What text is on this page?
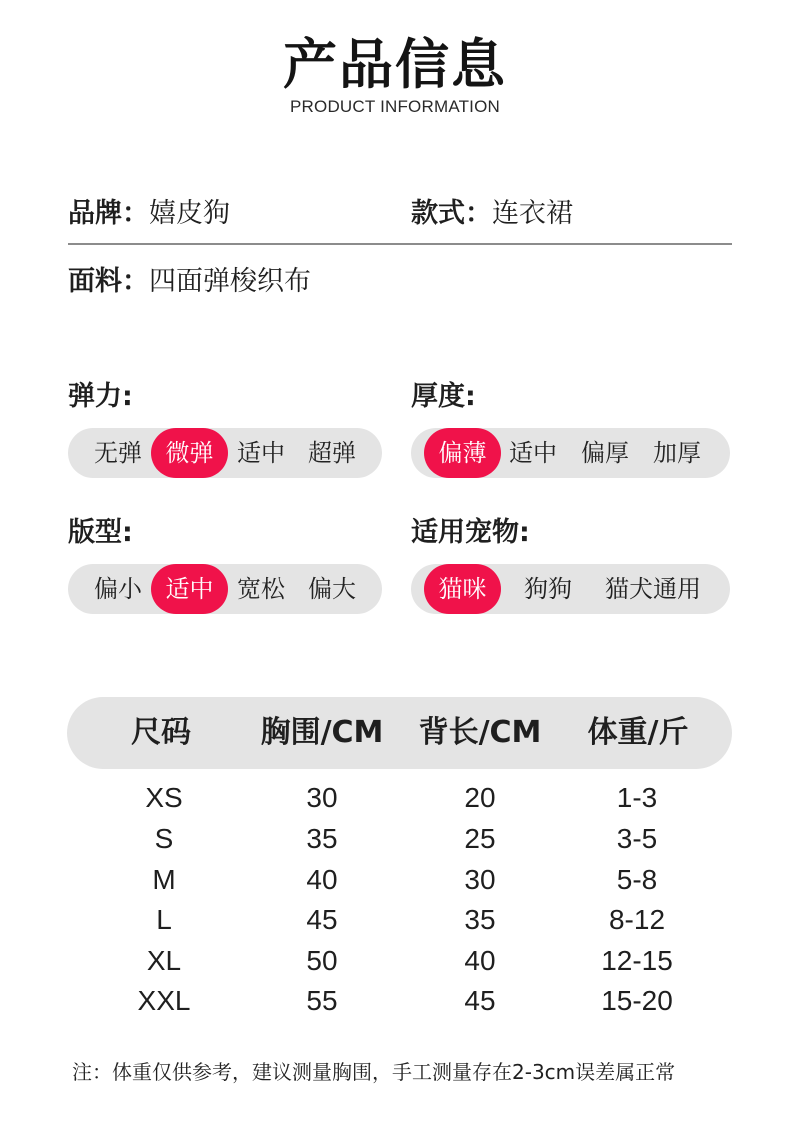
产品信息
PRODUCT INFORMATION
品牌：嬉皮狗	款式：连衣裙
面料：四面弹梭织布
弹力:
无弹 微弹 适中 超弹
厚度:
偏薄 适中	偏厚	加厚
版型:
偏小 适中 宽松 偏大
适用宠物:
猫咪	狗狗	猫犬通用
尺码	胸围/CM	背长/CM	体重/斤
XS	30	20	1-3
S	35	25	3-5
M	40	30	5-8
L	45	35	8-12
XL	50	40	12-15
XXL	55	45	15-20
注：体重仅供参考，建议测量胸围，手工测量存在2-3cm误差属正常
